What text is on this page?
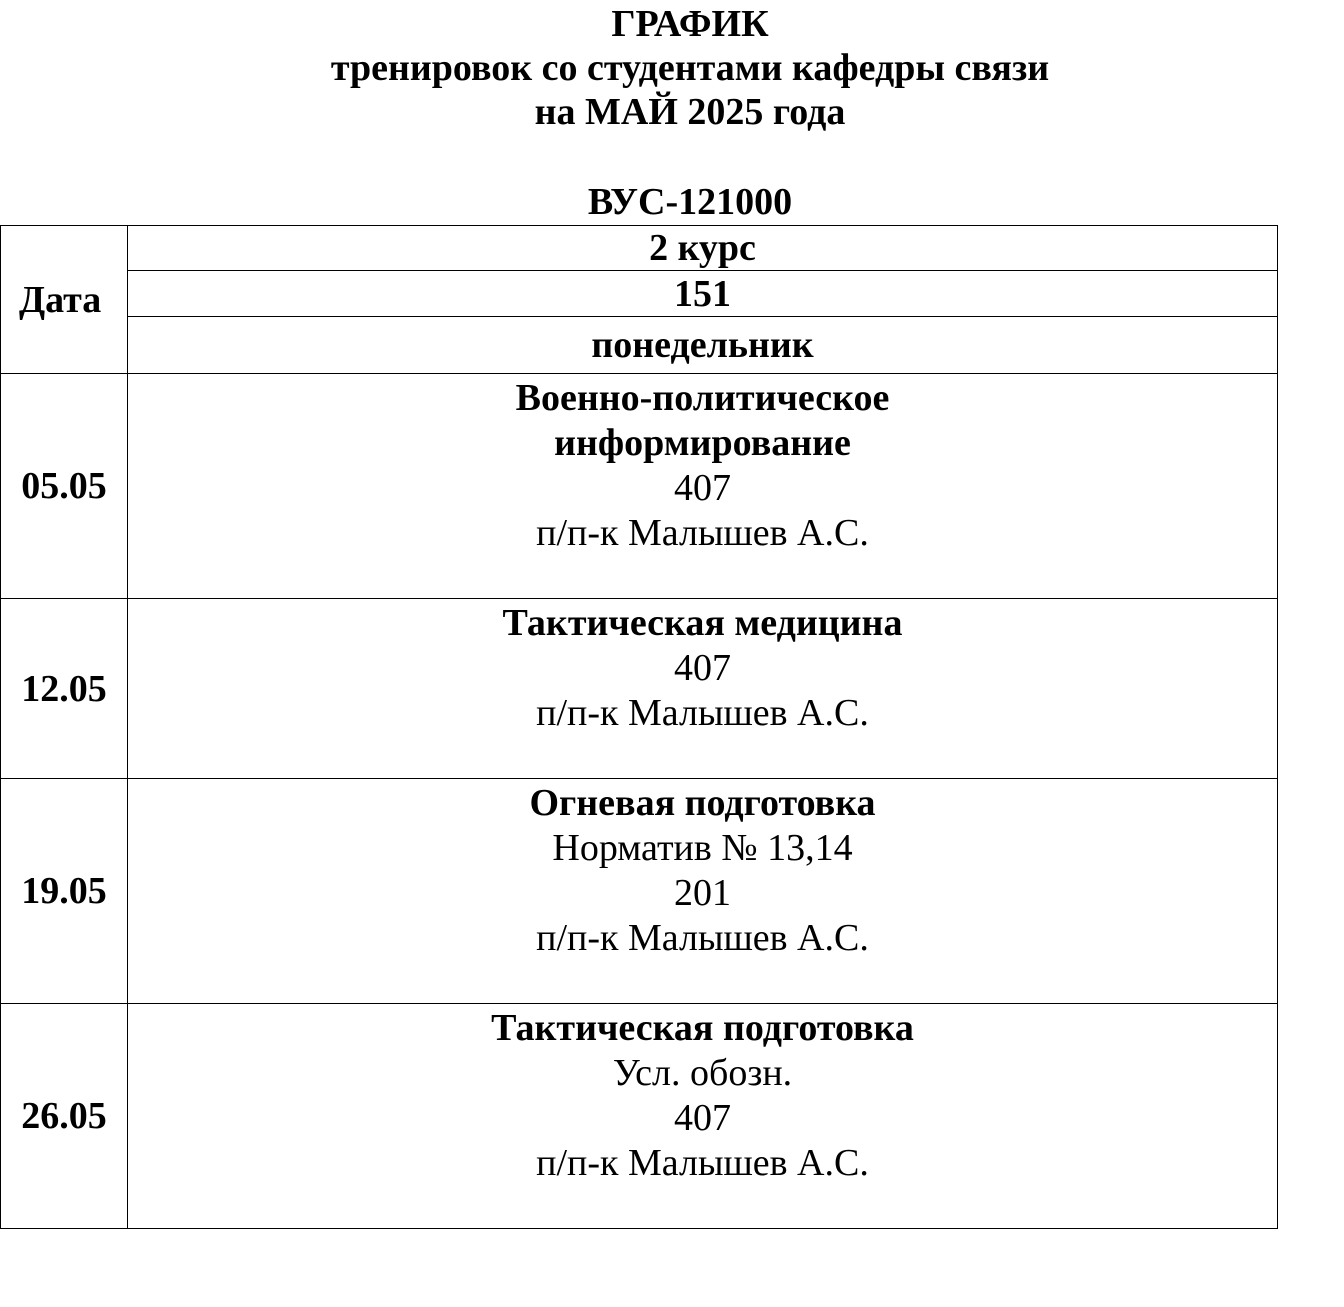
ГРАФИК
тренировок со студентами кафедры связи
на МАЙ 2025 года
ВУС-121000
Дата	2 курс
	151
	понедельник
05.05	Военно-политическое
информирование
407
п/п-к Малышев А.С.

12.05	Тактическая медицина
407
п/п-к Малышев А.С.

19.05	Огневая подготовка
Норматив № 13,14
201
п/п-к Малышев А.С.

26.05	Тактическая подготовка
Усл. обозн.
407
п/п-к Малышев А.С.
